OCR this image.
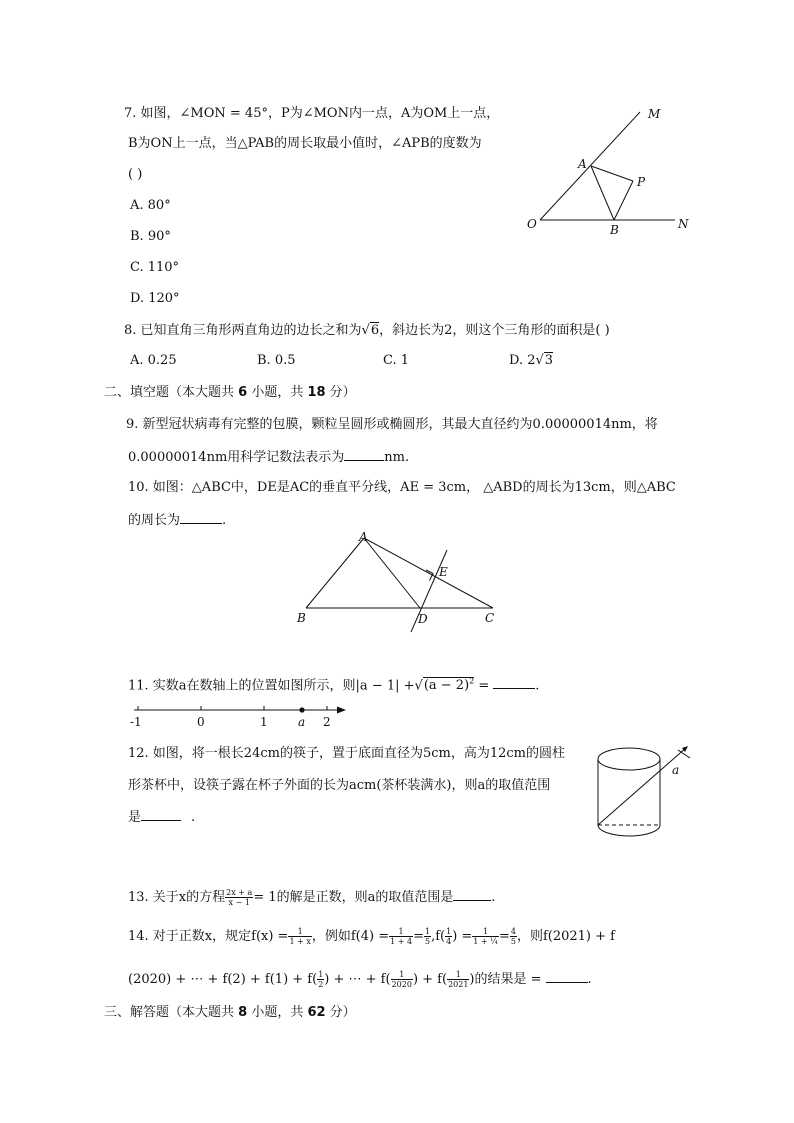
7. 如图，∠MON = 45°，P为∠MON内一点，A为OM上一点，
B为ON上一点，当△PAB的周长取最小值时，∠APB的度数为
( )
A. 80°
B. 90°
C. 110°
D. 120°
M
A
P
O	B	N
8. 已知直角三角形两直角边的边长之和为√6，斜边长为2，则这个三角形的面积是( )
A. 0.25	B. 0.5	C. 1	D. 2√3
二、填空题（本大题共 6 小题，共 18 分）
9. 新型冠状病毒有完整的包膜，颗粒呈圆形或椭圆形，其最大直径约为0.00000014nm，将
0.00000014nm用科学记数法表示为	nm.
10. 如图：△ABC中，DE是AC的垂直平分线，AE = 3cm， △ABD的周长为13cm，则△ABC
的周长为	.
A
E
B	D	C
11. 实数a在数轴上的位置如图所示，则$|a - 1| +√(a - 2)^2$ =	.
-1	0	1	a 2
12. 如图，将一根长24cm的筷子，置于底面直径为5cm，高为12cm的圆柱
形茶杯中，设筷子露在杯子外面的长为acm(茶杯装满水)，则a的取值范围
是	.
a
13. 关于x的方程 $\frac{2x + a}{x - 1} = 1$的解是正数，则a的取值范围是	.
14. 对于正数x，规定$f(x) = \frac{1}{1 + x}$ ，例如$f(4) = \frac{1}{1 + 4} = \frac{1}{5} ,f( \frac{1}{4}$ ) = $\frac{1}{\text{1 + ¼}} = \frac{4}{5}$ ，则f(2021) + f
(2020) + ⋯ + $f(2) + f(1) + f( \frac{1}{2}$ ) + ⋯ + $f( \frac{1}{2020}$ ) + $f( \frac{1}{2021}$ )的结果是 =	.
三、解答题（本大题共 8 小题，共 62 分）
